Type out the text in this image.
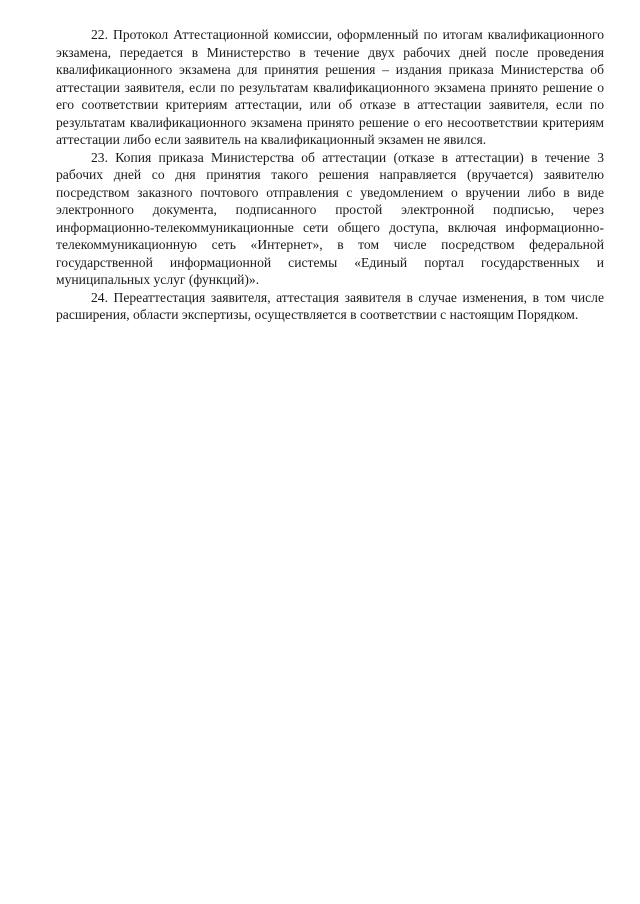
22. Протокол Аттестационной комиссии, оформленный по итогам квалификационного экзамена, передается в Министерство в течение двух рабочих дней после проведения квалификационного экзамена для принятия решения – издания приказа Министерства об аттестации заявителя, если по результатам квалификационного экзамена принято решение о его соответствии критериям аттестации, или об отказе в аттестации заявителя, если по результатам квалификационного экзамена принято решение о его несоответствии критериям аттестации либо если заявитель на квалификационный экзамен не явился.

23. Копия приказа Министерства об аттестации (отказе в аттестации) в течение 3 рабочих дней со дня принятия такого решения направляется (вручается) заявителю посредством заказного почтового отправления с уведомлением о вручении либо в виде электронного документа, подписанного простой электронной подписью, через информационно-телекоммуникационные сети общего доступа, включая информационно-телекоммуникационную сеть «Интернет», в том числе посредством федеральной государственной информационной системы «Единый портал государственных и муниципальных услуг (функций)».

24. Переаттестация заявителя, аттестация заявителя в случае изменения, в том числе расширения, области экспертизы, осуществляется в соответствии с настоящим Порядком.
